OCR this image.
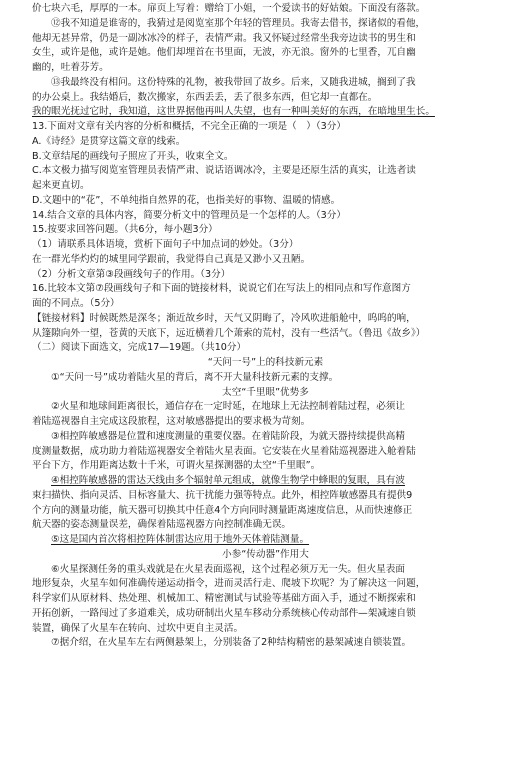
价七块六毛，厚厚的一本。扉页上写着：赠给丁小姐，一个爱读书的好姑娘。下面没有落款。
⑫我不知道是谁寄的，我猜过是阅览室那个年轻的管理员。我寄去借书，探诸似的看他，
他却无甚异常，仍是一副冰冰冷的样子，表情严肃。我又怀疑过经常坐我旁边读书的男生和
女生，或许是他，或许是她。他们却埋首在书里面，无波，亦无浪。窗外的七里香，兀自幽
幽的，吐着芬芳。
⑬我最终没有相问。这份特殊的礼物，被我带回了故乡。后来，又随我进城，搁到了我
的办公桌上。我结婚后，数次搬家，东西丢丢，丢了很多东西，但它却一直都在。
我的眼光抚过它时，我知道，这世界据他再叫人失望，也有一种叫美好的东西，在暗地里生长。
13.下面对文章有关内容的分析和概括，不完全正确的一项是（　）（3分）
A.《诗经》是贯穿这篇文章的线索。
B.文章结尾的画线句子照应了开头，收束全文。
C.本文极力描写阅览室管理员表情严肃、说话语调冰冷，主要是还原生活的真实，让选者读
起来更直切。
D.文题中的“花”，不单纯指自然界的花，也指美好的事物、温暖的情感。
14.结合文章的具体内容，简要分析文中的管理员是一个怎样的人。（3分）
15.按要求回答问题。（共6分，每小题3分）
（1）请联系具体语境，赏析下面句子中加点词的妙处。（3分）
在一群光华灼灼的城里同学跟前，我觉得自己真是又渺小又丑陋。
（2）分析文章第③段画线句子的作用。（3分）
16.比较本文第⑦段画线句子和下面的链接材料，说说它们在写法上的相同点和写作意图方
面的不同点。（5分）
【链接材料】时候既然是深冬；渐近故乡时，天气又阴晦了，冷风吹进船舱中，呜呜的响，
从篷隙向外一望，苍黄的天底下，远近横着几个萧索的荒村，没有一些活气。（鲁迅《故乡》）
（二）阅读下面选文，完成17—19题。（共10分）
“天问一号”上的科技新元素
①“天问一号”成功着陆火星的背后，离不开大量科技新元素的支撑。
太空“千里眼”优势多
②火星和地球间距离很长，通信存在一定时延，在地球上无法控制着陆过程，必须让
着陆巡视器自主完成这段旅程，这对敏感器提出的要求极为苛刻。
③相控阵敏感器是位置和速度测量的重要仪器。在着陆阶段，为就天器持续提供高精
度测量数据，成功助力着陆巡视器安全着陆火星表面。它安装在火星着陆巡视器进入舱着陆
平台下方，作用距离达数十千米，可谓火星探测器的太空“千里眼”。
④相控阵敏感器的雷达天线由多个辐射单元组成，就像生物学中蜂眼的复眼，具有波
束扫描快、指向灵活、目标容量大、抗干扰能力强等特点。此外，相控阵敏感器具有提供9
个方向的测量功能，航天器可切换其中任意4个方向同时测量距离速度信息，从而快速修正
航天器的姿态测量误差，确保着陆巡视器方向控制准确无误。
⑤这是国内首次将相控阵体制雷达应用于地外天体着陆测量。
小参“传动器”作用大
⑥火星探测任务的重头戏就是在火星表面巡视，这个过程必须万无一失。但火星表面
地形复杂，火星车如何准确传递运动指令，进而灵活行走、爬坡下坎呢？为了解决这一问题，
科学家们从原材料、热处理、机械加工、精密测试与试验等基础方面入手，通过不断探索和
开拓创新，一路闯过了多道难关，成功研制出火星车移动分系统核心传动部件—架减速自锁
装置，确保了火星车在转向、过坎中更自主灵活。
⑦据介绍，在火星车左右两侧悬架上，分别装备了2种结构精密的悬架减速自锁装置。
